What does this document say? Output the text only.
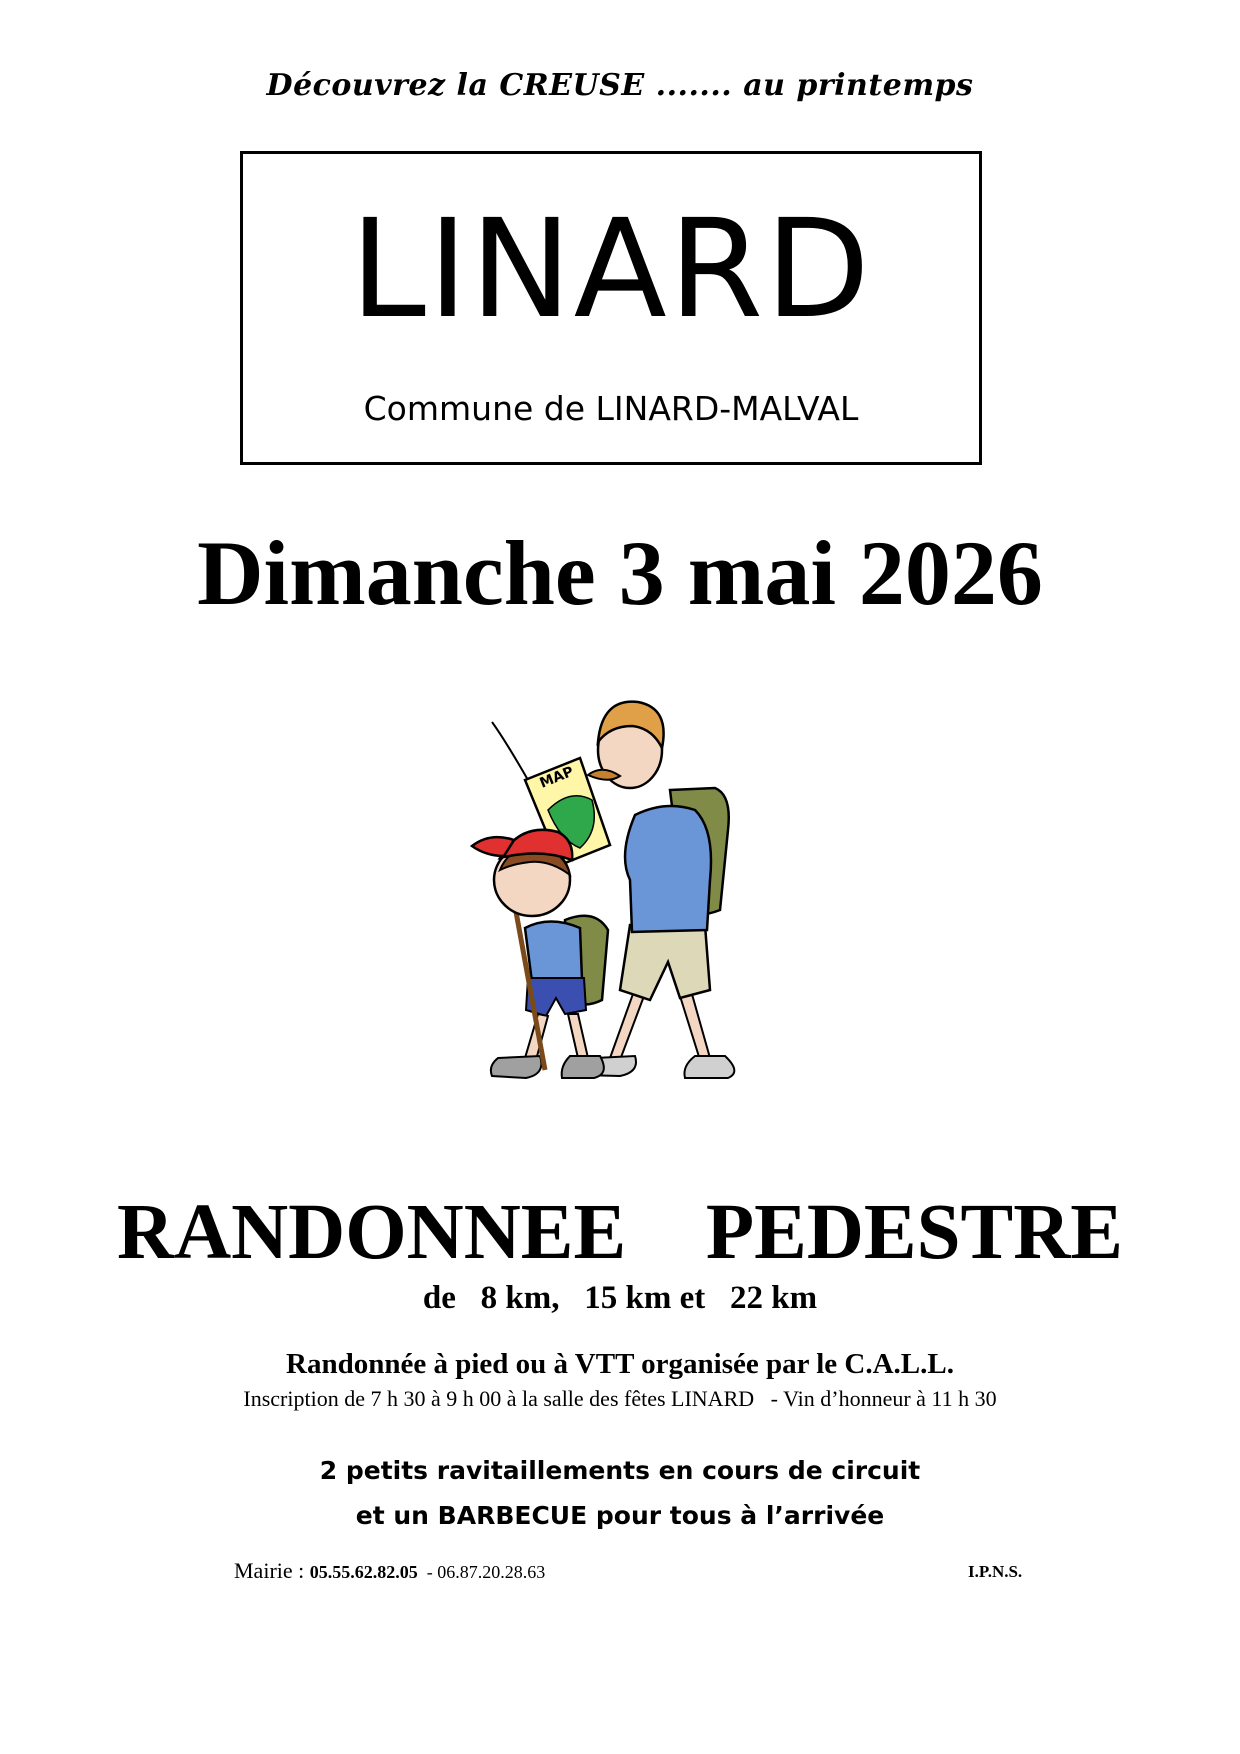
Découvrez la CREUSE ....... au printemps
LINARD
Commune de LINARD-MALVAL
Dimanche 3 mai 2026
MAP
RANDONNEE PEDESTRE
de   8 km,   15 km et   22 km
Randonnée à pied ou à VTT organisée par le C.A.L.L.
Inscription de 7 h 30 à 9 h 00 à la salle des fêtes LINARD   - Vin d’honneur à 11 h 30
2 petits ravitaillements en cours de circuit
et un BARBECUE pour tous à l’arrivée
Mairie : 05.55.62.82.05  - 06.87.20.28.63	I.P.N.S.
